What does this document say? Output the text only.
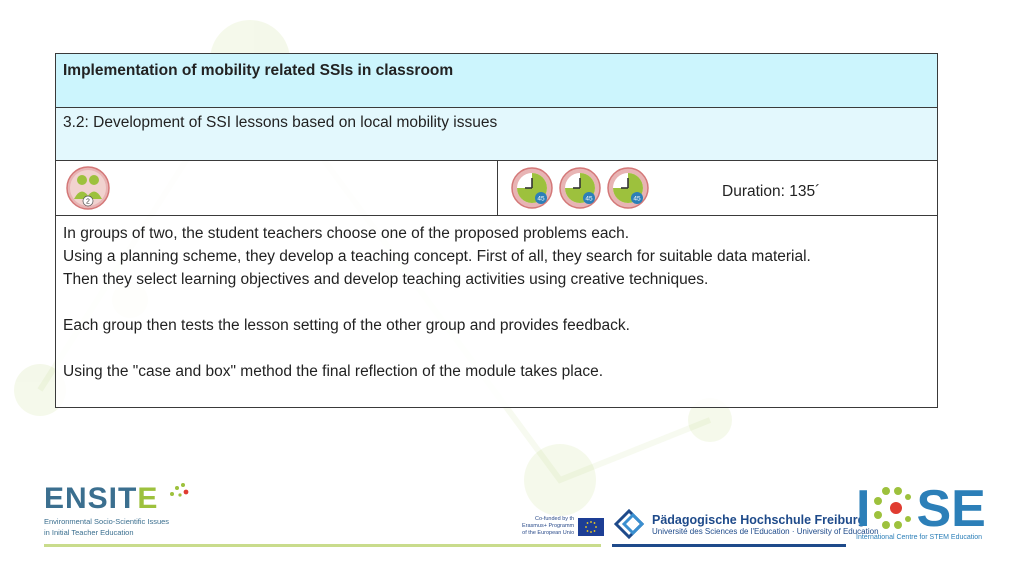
Implementation of mobility related SSIs in classroom

3.2: Development of SSI lessons based on local mobility issues

2	45	45	45	Duration: 135´

In groups of two, the student teachers choose one of the proposed problems each.

Using a planning scheme, they develop a teaching concept. First of all, they search for suitable data material.

Then they select learning objectives and develop teaching activities using creative techniques.

Each group then tests the lesson setting of the other group and provides feedback.

Using the "case and box" method the final reflection of the module takes place.

ENSITE
Environmental Socio-Scientific Issues
in Initial Teacher Education
Co-funded by th
Erasmus+ Programm
of the European Unio
Pädagogische Hochschule Freiburg
Université des Sciences de l'Education · University of Education
I SE
International Centre for STEM Education
